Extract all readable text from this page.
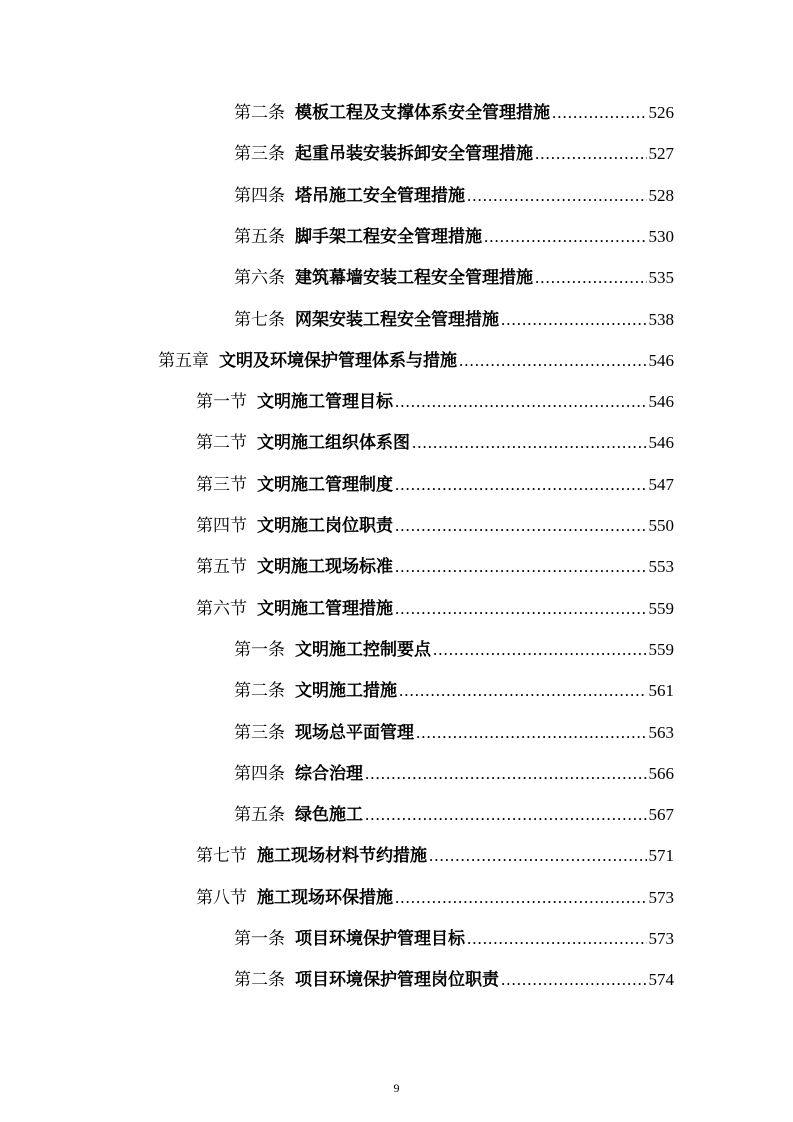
第二条 模板工程及支撑体系安全管理措施 .....	526
第三条 起重吊装安装拆卸安全管理措施 .....	527
第四条 塔吊施工安全管理措施 .....	528
第五条 脚手架工程安全管理措施 .....	530
第六条 建筑幕墙安装工程安全管理措施 .....	535
第七条 网架安装工程安全管理措施 .....	538
第五章 文明及环境保护管理体系与措施 .....	546
第一节 文明施工管理目标 .....	546
第二节 文明施工组织体系图 .....	546
第三节 文明施工管理制度 .....	547
第四节 文明施工岗位职责 .....	550
第五节 文明施工现场标准 .....	553
第六节 文明施工管理措施 .....	559
第一条 文明施工控制要点 .....	559
第二条 文明施工措施 .....	561
第三条 现场总平面管理 .....	563
第四条 综合治理 .....	566
第五条 绿色施工 .....	567
第七节 施工现场材料节约措施 .....	571
第八节 施工现场环保措施 .....	573
第一条 项目环境保护管理目标 .....	573
第二条 项目环境保护管理岗位职责 .....	574
9
